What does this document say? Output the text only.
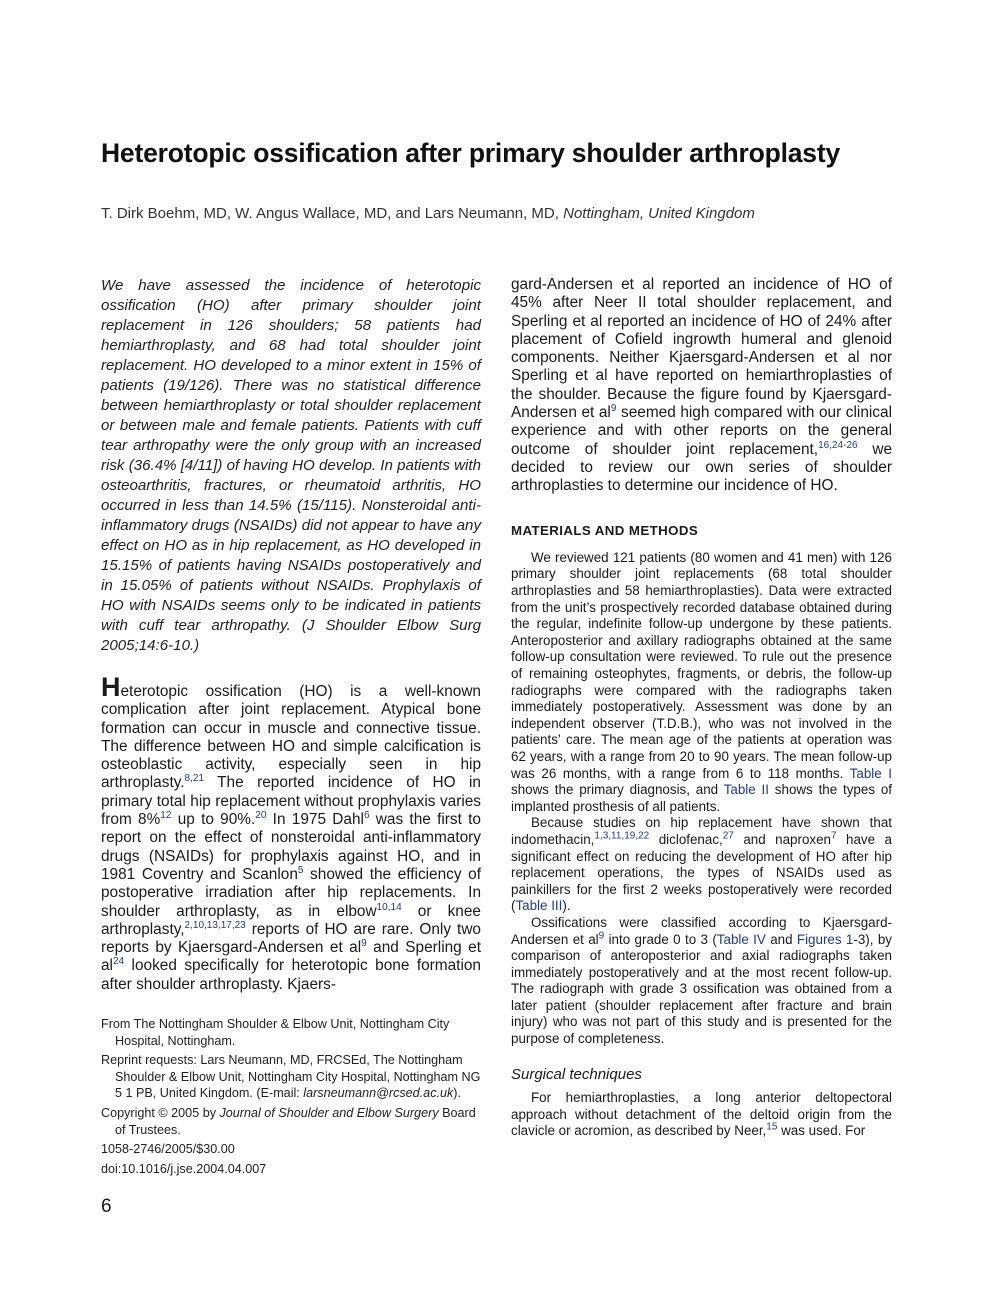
Heterotopic ossification after primary shoulder arthroplasty
T. Dirk Boehm, MD, W. Angus Wallace, MD, and Lars Neumann, MD, Nottingham, United Kingdom

We have assessed the incidence of heterotopic ossification (HO) after primary shoulder joint replacement in 126 shoulders; 58 patients had hemiarthroplasty, and 68 had total shoulder joint replacement. HO developed to a minor extent in 15% of patients (19/126). There was no statistical difference between hemiarthroplasty or total shoulder replacement or between male and female patients. Patients with cuff tear arthropathy were the only group with an increased risk (36.4% [4/11]) of having HO develop. In patients with osteoarthritis, fractures, or rheumatoid arthritis, HO occurred in less than 14.5% (15/115). Nonsteroidal anti-inflammatory drugs (NSAIDs) did not appear to have any effect on HO as in hip replacement, as HO developed in 15.15% of patients having NSAIDs postoperatively and in 15.05% of patients without NSAIDs. Prophylaxis of HO with NSAIDs seems only to be indicated in patients with cuff tear arthropathy. (J Shoulder Elbow Surg 2005;14:6-10.)

Heterotopic ossification (HO) is a well-known complication after joint replacement. Atypical bone formation can occur in muscle and connective tissue. The difference between HO and simple calcification is osteoblastic activity, especially seen in hip arthroplasty.$^{8,21}$ The reported incidence of HO in primary total hip replacement without prophylaxis varies from 8%$^{12}$ up to 90%.$^{20}$ In 1975 Dahl$^6$ was the first to report on the effect of nonsteroidal anti-inflammatory drugs (NSAIDs) for prophylaxis against HO, and in 1981 Coventry and Scanlon$^5$ showed the efficiency of postoperative irradiation after hip replacements. In shoulder arthroplasty, as in elbow$^{10,14}$ or knee arthroplasty,$^{2,10,13,17,23}$ reports of HO are rare. Only two reports by Kjaersgard-Andersen et $al^9$ and Sperling et $al^{24}$ looked specifically for heterotopic bone formation after shoulder arthroplasty. Kjaers-

From The Nottingham Shoulder & Elbow Unit, Nottingham City Hospital, Nottingham.

Reprint requests: Lars Neumann, MD, FRCSEd, The Nottingham Shoulder & Elbow Unit, Nottingham City Hospital, Nottingham NG 5 1 PB, United Kingdom. (E-mail: larsneumann@rcsed.ac.uk).

Copyright © 2005 by Journal of Shoulder and Elbow Surgery Board of Trustees.

1058-2746/2005/$30.00

doi:10.1016/j.jse.2004.04.007

6

gard-Andersen et al reported an incidence of HO of 45% after Neer II total shoulder replacement, and Sperling et al reported an incidence of HO of 24% after placement of Cofield ingrowth humeral and glenoid components. Neither Kjaersgard-Andersen et al nor Sperling et al have reported on hemiarthroplasties of the shoulder. Because the figure found by Kjaersgard-Andersen et $al^9$ seemed high compared with our clinical experience and with other reports on the general outcome of shoulder joint replacement,$^{16,24-26}$ we decided to review our own series of shoulder arthroplasties to determine our incidence of HO.

MATERIALS AND METHODS

We reviewed 121 patients (80 women and 41 men) with 126 primary shoulder joint replacements (68 total shoulder arthroplasties and 58 hemiarthroplasties). Data were extracted from the unit’s prospectively recorded database obtained during the regular, indefinite follow-up undergone by these patients. Anteroposterior and axillary radiographs obtained at the same follow-up consultation were reviewed. To rule out the presence of remaining osteophytes, fragments, or debris, the follow-up radiographs were compared with the radiographs taken immediately postoperatively. Assessment was done by an independent observer (T.D.B.), who was not involved in the patients’ care. The mean age of the patients at operation was 62 years, with a range from 20 to 90 years. The mean follow-up was 26 months, with a range from 6 to 118 months. Table I shows the primary diagnosis, and Table II shows the types of implanted prosthesis of all patients.

Because studies on hip replacement have shown that indomethacin,$^{1,3,11,19,22}$ diclofenac,$^{27}$ and naproxen$^7$ have a significant effect on reducing the development of HO after hip replacement operations, the types of NSAIDs used as painkillers for the first 2 weeks postoperatively were recorded (Table III).

Ossifications were classified according to Kjaersgard-Andersen et $al^9$ into grade 0 to 3 (Table IV and Figures 1-3), by comparison of anteroposterior and axial radiographs taken immediately postoperatively and at the most recent follow-up. The radiograph with grade 3 ossification was obtained from a later patient (shoulder replacement after fracture and brain injury) who was not part of this study and is presented for the purpose of completeness.

Surgical techniques

For hemiarthroplasties, a long anterior deltopectoral approach without detachment of the deltoid origin from the clavicle or acromion, as described by Neer,$^{15}$ was used. For
